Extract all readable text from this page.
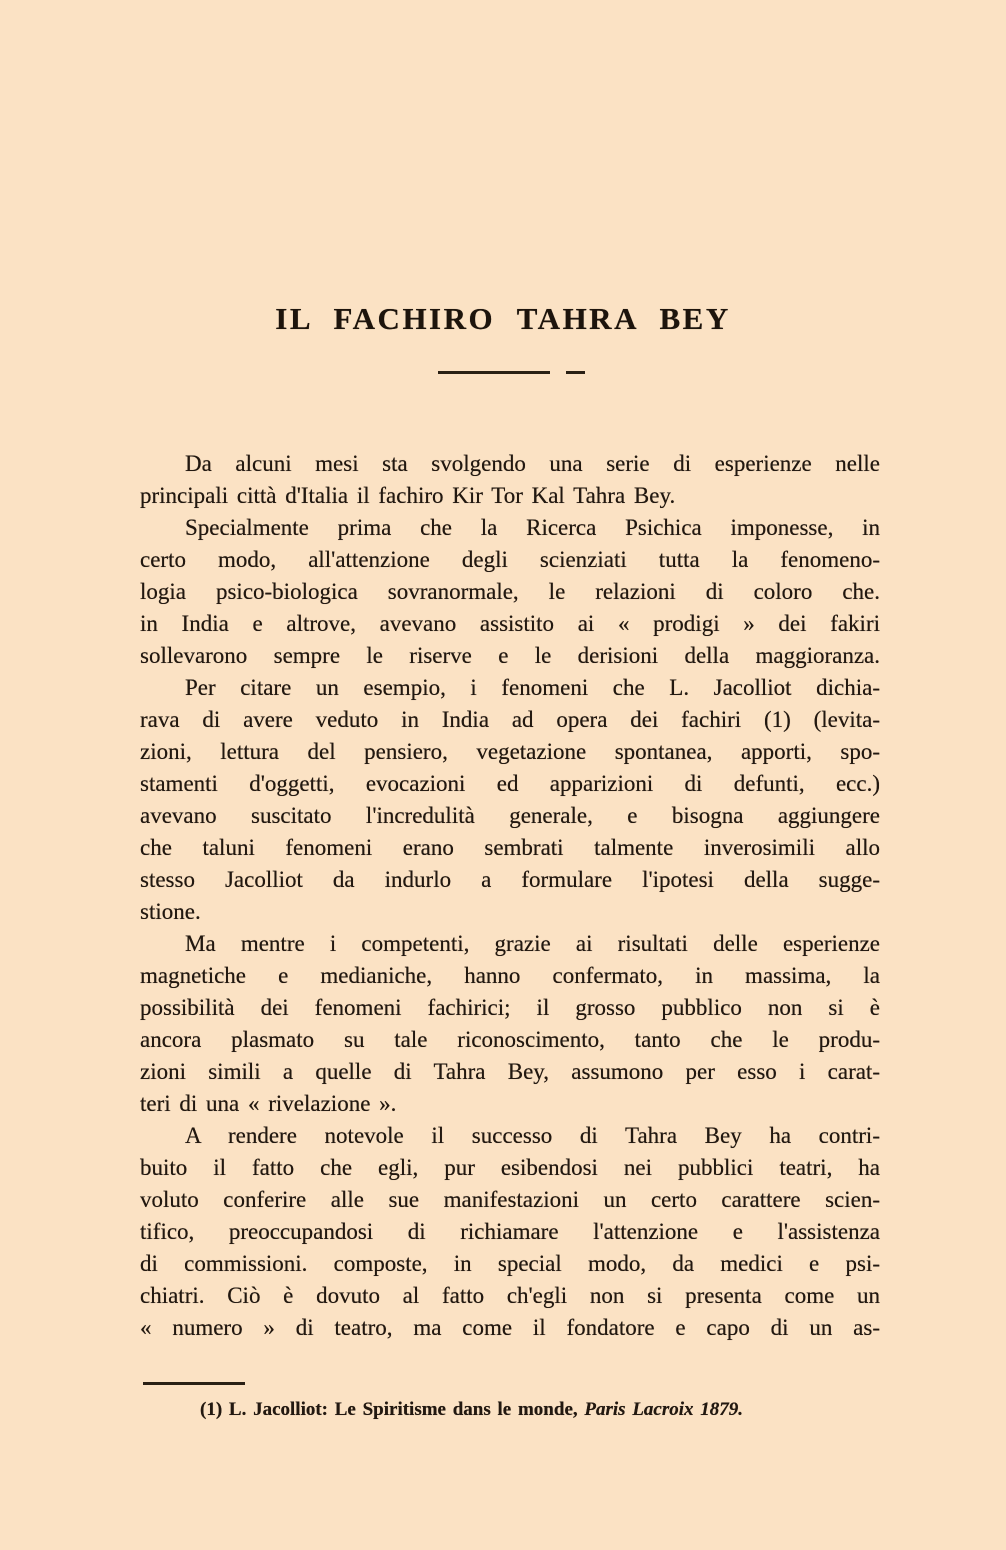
IL FACHIRO TAHRA BEY
Da alcuni mesi sta svolgendo una serie di esperienze nelle
principali città d'Italia il fachiro Kir Tor Kal Tahra Bey.
Specialmente prima che la Ricerca Psichica imponesse, in
certo modo, all'attenzione degli scienziati tutta la fenomeno-
logia psico-biologica sovranormale, le relazioni di coloro che.
in India e altrove, avevano assistito ai « prodigi » dei fakiri
sollevarono sempre le riserve e le derisioni della maggioranza.
Per citare un esempio, i fenomeni che L. Jacolliot dichia-
rava di avere veduto in India ad opera dei fachiri (1) (levita-
zioni, lettura del pensiero, vegetazione spontanea, apporti, spo-
stamenti d'oggetti, evocazioni ed apparizioni di defunti, ecc.)
avevano suscitato l'incredulità generale, e bisogna aggiungere
che taluni fenomeni erano sembrati talmente inverosimili allo
stesso Jacolliot da indurlo a formulare l'ipotesi della sugge-
stione.
Ma mentre i competenti, grazie ai risultati delle esperienze
magnetiche e medianiche, hanno confermato, in massima, la
possibilità dei fenomeni fachirici; il grosso pubblico non si è
ancora plasmato su tale riconoscimento, tanto che le produ-
zioni simili a quelle di Tahra Bey, assumono per esso i carat-
teri di una « rivelazione ».
A rendere notevole il successo di Tahra Bey ha contri-
buito il fatto che egli, pur esibendosi nei pubblici teatri, ha
voluto conferire alle sue manifestazioni un certo carattere scien-
tifico, preoccupandosi di richiamare l'attenzione e l'assistenza
di commissioni. composte, in special modo, da medici e psi-
chiatri. Ciò è dovuto al fatto ch'egli non si presenta come un
« numero » di teatro, ma come il fondatore e capo di un as-
(1) L. Jacolliot: Le Spiritisme dans le monde, Paris Lacroix 1879.
